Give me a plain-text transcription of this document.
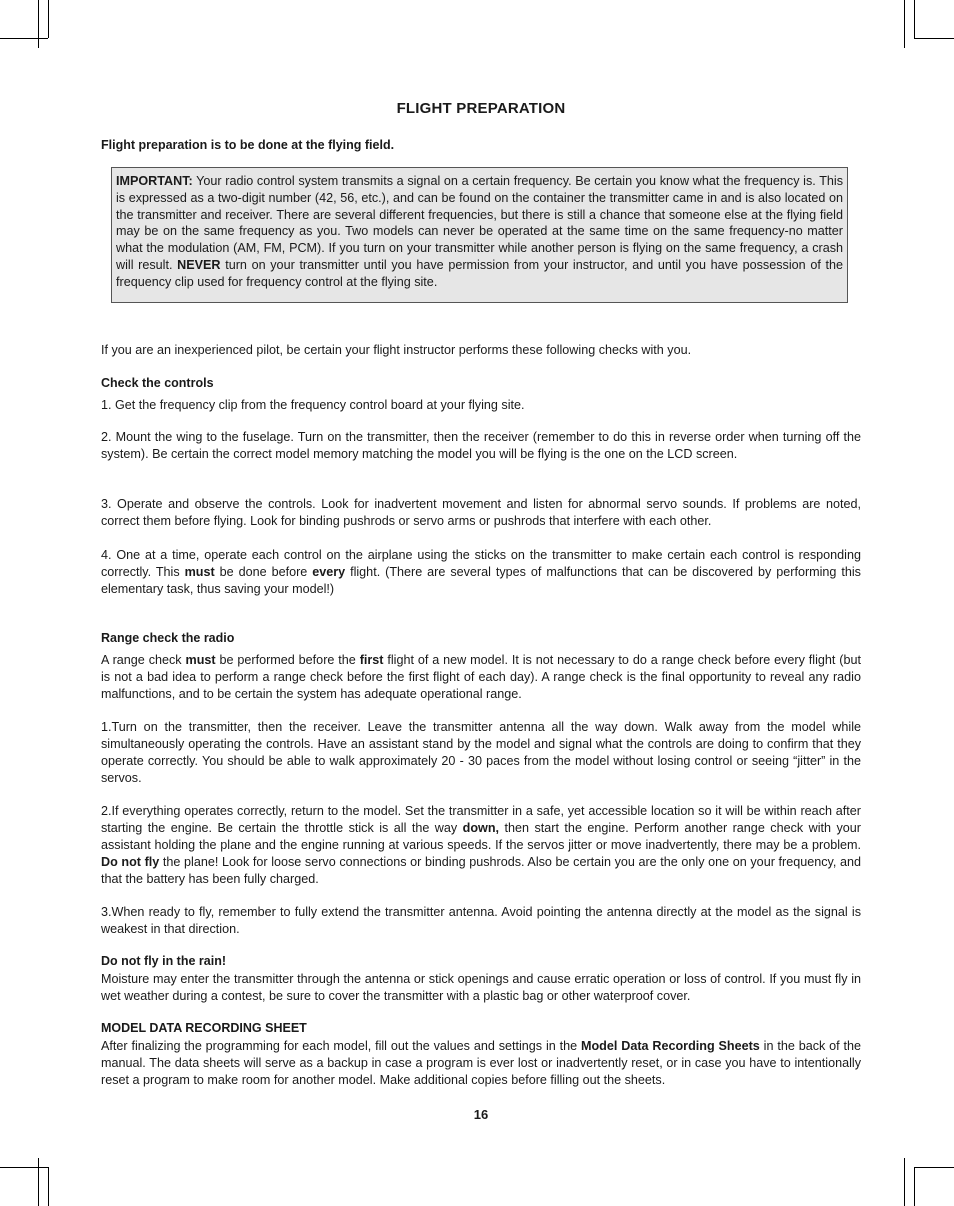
FLIGHT PREPARATION
Flight preparation is to be done at the flying field.
IMPORTANT: Your radio control system transmits a signal on a certain frequency. Be certain you know what the frequency is. This is expressed as a two-digit number (42, 56, etc.), and can be found on the container the transmitter came in and is also located on the transmitter and receiver. There are several different frequencies, but there is still a chance that someone else at the flying field may be on the same frequency as you. Two models can never be operated at the same time on the same frequency-no matter what the modulation (AM, FM, PCM). If you turn on your transmitter while another person is flying on the same frequency, a crash will result. NEVER turn on your transmitter until you have permission from your instructor, and until you have possession of the frequency clip used for frequency control at the flying site.
If you are an inexperienced pilot, be certain your flight instructor performs these following checks with you.
Check the controls
1. Get the frequency clip from the frequency control board at your flying site.
2. Mount the wing to the fuselage. Turn on the transmitter, then the receiver (remember to do this in reverse order when turning off the system). Be certain the correct model memory matching the model you will be flying is the one on the LCD screen.
3. Operate and observe the controls. Look for inadvertent movement and listen for abnormal servo sounds. If problems are noted, correct them before flying. Look for binding pushrods or servo arms or pushrods that interfere with each other.
4. One at a time, operate each control on the airplane using the sticks on the transmitter to make certain each control is responding correctly. This must be done before every flight. (There are several types of malfunctions that can be discovered by performing this elementary task, thus saving your model!)
Range check the radio
A range check must be performed before the first flight of a new model. It is not necessary to do a range check before every flight (but is not a bad idea to perform a range check before the first flight of each day). A range check is the final opportunity to reveal any radio malfunctions, and to be certain the system has adequate operational range.
1.Turn on the transmitter, then the receiver. Leave the transmitter antenna all the way down. Walk away from the model while simultaneously operating the controls. Have an assistant stand by the model and signal what the controls are doing to confirm that they operate correctly. You should be able to walk approximately 20 - 30 paces from the model without losing control or seeing “jitter” in the servos.
2.If everything operates correctly, return to the model. Set the transmitter in a safe, yet accessible location so it will be within reach after starting the engine. Be certain the throttle stick is all the way down, then start the engine. Perform another range check with your assistant holding the plane and the engine running at various speeds. If the servos jitter or move inadvertently, there may be a problem. Do not fly the plane! Look for loose servo connections or binding pushrods. Also be certain you are the only one on your frequency, and that the battery has been fully charged.
3.When ready to fly, remember to fully extend the transmitter antenna. Avoid pointing the antenna directly at the model as the signal is weakest in that direction.
Do not fly in the rain!
Moisture may enter the transmitter through the antenna or stick openings and cause erratic operation or loss of control. If you must fly in wet weather during a contest, be sure to cover the transmitter with a plastic bag or other waterproof cover.
MODEL DATA RECORDING SHEET
After finalizing the programming for each model, fill out the values and settings in the Model Data Recording Sheets in the back of the manual. The data sheets will serve as a backup in case a program is ever lost or inadvertently reset, or in case you have to intentionally reset a program to make room for another model. Make additional copies before filling out the sheets.
16
